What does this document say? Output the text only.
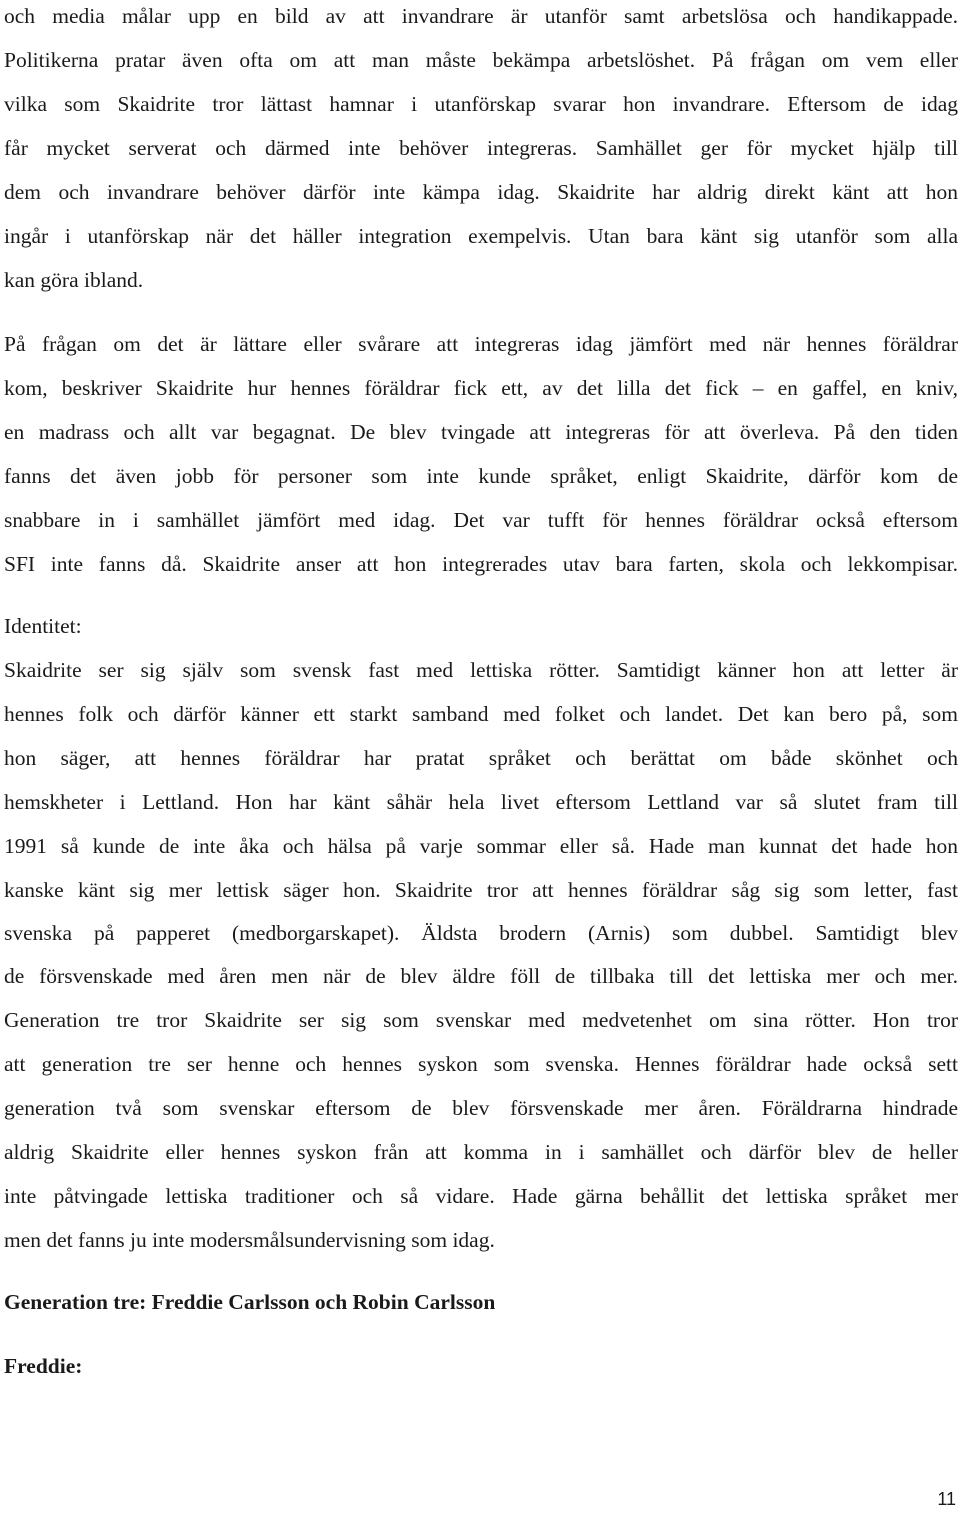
och media målar upp en bild av att invandrare är utanför samt arbetslösa och handikappade.
Politikerna pratar även ofta om att man måste bekämpa arbetslöshet. På frågan om vem eller
vilka som Skaidrite tror lättast hamnar i utanförskap svarar hon invandrare. Eftersom de idag
får mycket serverat och därmed inte behöver integreras. Samhället ger för mycket hjälp till
dem och invandrare behöver därför inte kämpa idag. Skaidrite har aldrig direkt känt att hon
ingår i utanförskap när det häller integration exempelvis. Utan bara känt sig utanför som alla
kan göra ibland.
På frågan om det är lättare eller svårare att integreras idag jämfört med när hennes föräldrar
kom, beskriver Skaidrite hur hennes föräldrar fick ett, av det lilla det fick – en gaffel, en kniv,
en madrass och allt var begagnat. De blev tvingade att integreras för att överleva. På den tiden
fanns det även jobb för personer som inte kunde språket, enligt Skaidrite, därför kom de
snabbare in i samhället jämfört med idag. Det var tufft för hennes föräldrar också eftersom
SFI inte fanns då. Skaidrite anser att hon integrerades utav bara farten, skola och lekkompisar.
Identitet:
Skaidrite ser sig själv som svensk fast med lettiska rötter. Samtidigt känner hon att letter är
hennes folk och därför känner ett starkt samband med folket och landet. Det kan bero på, som
hon säger, att hennes föräldrar har pratat språket och berättat om både skönhet och
hemskheter i Lettland. Hon har känt såhär hela livet eftersom Lettland var så slutet fram till
1991 så kunde de inte åka och hälsa på varje sommar eller så. Hade man kunnat det hade hon
kanske känt sig mer lettisk säger hon. Skaidrite tror att hennes föräldrar såg sig som letter, fast
svenska på papperet (medborgarskapet). Äldsta brodern (Arnis) som dubbel. Samtidigt blev
de försvenskade med åren men när de blev äldre föll de tillbaka till det lettiska mer och mer.
Generation tre tror Skaidrite ser sig som svenskar med medvetenhet om sina rötter. Hon tror
att generation tre ser henne och hennes syskon som svenska. Hennes föräldrar hade också sett
generation två som svenskar eftersom de blev försvenskade mer åren. Föräldrarna hindrade
aldrig Skaidrite eller hennes syskon från att komma in i samhället och därför blev de heller
inte påtvingade lettiska traditioner och så vidare. Hade gärna behållit det lettiska språket mer
men det fanns ju inte modersmålsundervisning som idag.
Generation tre: Freddie Carlsson och Robin Carlsson
Freddie:
11
